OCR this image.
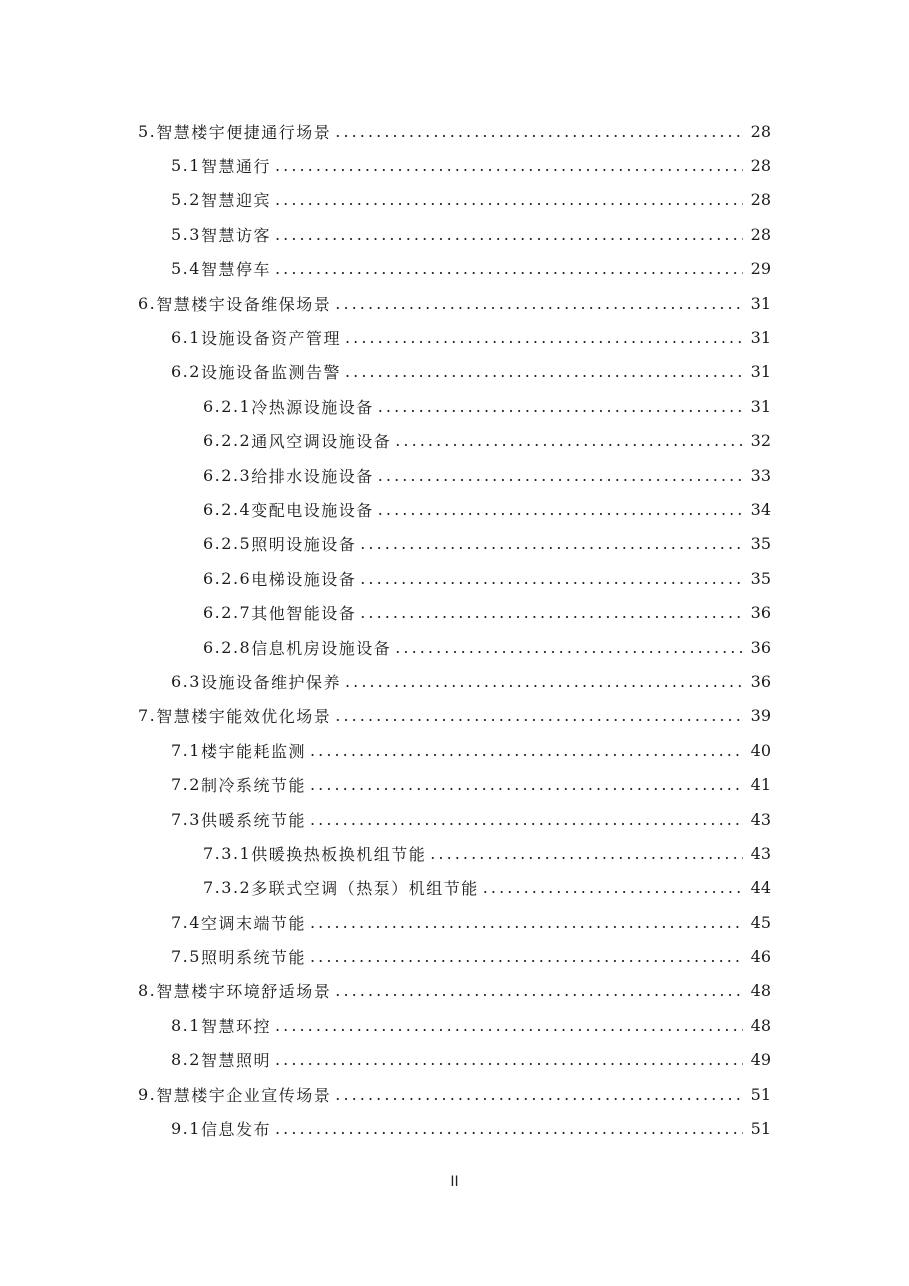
5. 智慧楼宇便捷通行场景 . . .	28
5.1 智慧通行 . . .	28
5.2 智慧迎宾 . . .	28
5.3 智慧访客 . . .	28
5.4 智慧停车 . . .	29
6. 智慧楼宇设备维保场景 . . .	31
6.1 设施设备资产管理 . . .	31
6.2 设施设备监测告警 . . .	31
6.2.1 冷热源设施设备 . . .	31
6.2.2 通风空调设施设备 . . .	32
6.2.3 给排水设施设备 . . .	33
6.2.4 变配电设施设备 . . .	34
6.2.5 照明设施设备 . . .	35
6.2.6 电梯设施设备 . . .	35
6.2.7 其他智能设备 . . .	36
6.2.8 信息机房设施设备 . . .	36
6.3 设施设备维护保养 . . .	36
7. 智慧楼宇能效优化场景 . . .	39
7.1 楼宇能耗监测 . . .	40
7.2 制冷系统节能 . . .	41
7.3 供暖系统节能 . . .	43
7.3.1 供暖换热板换机组节能 . . .	43
7.3.2 多联式空调（热泵）机组节能 . . .	44
7.4 空调末端节能 . . .	45
7.5 照明系统节能 . . .	46
8. 智慧楼宇环境舒适场景 . . .	48
8.1 智慧环控 . . .	48
8.2 智慧照明 . . .	49
9. 智慧楼宇企业宣传场景 . . .	51
9.1 信息发布 . . .	51
II
